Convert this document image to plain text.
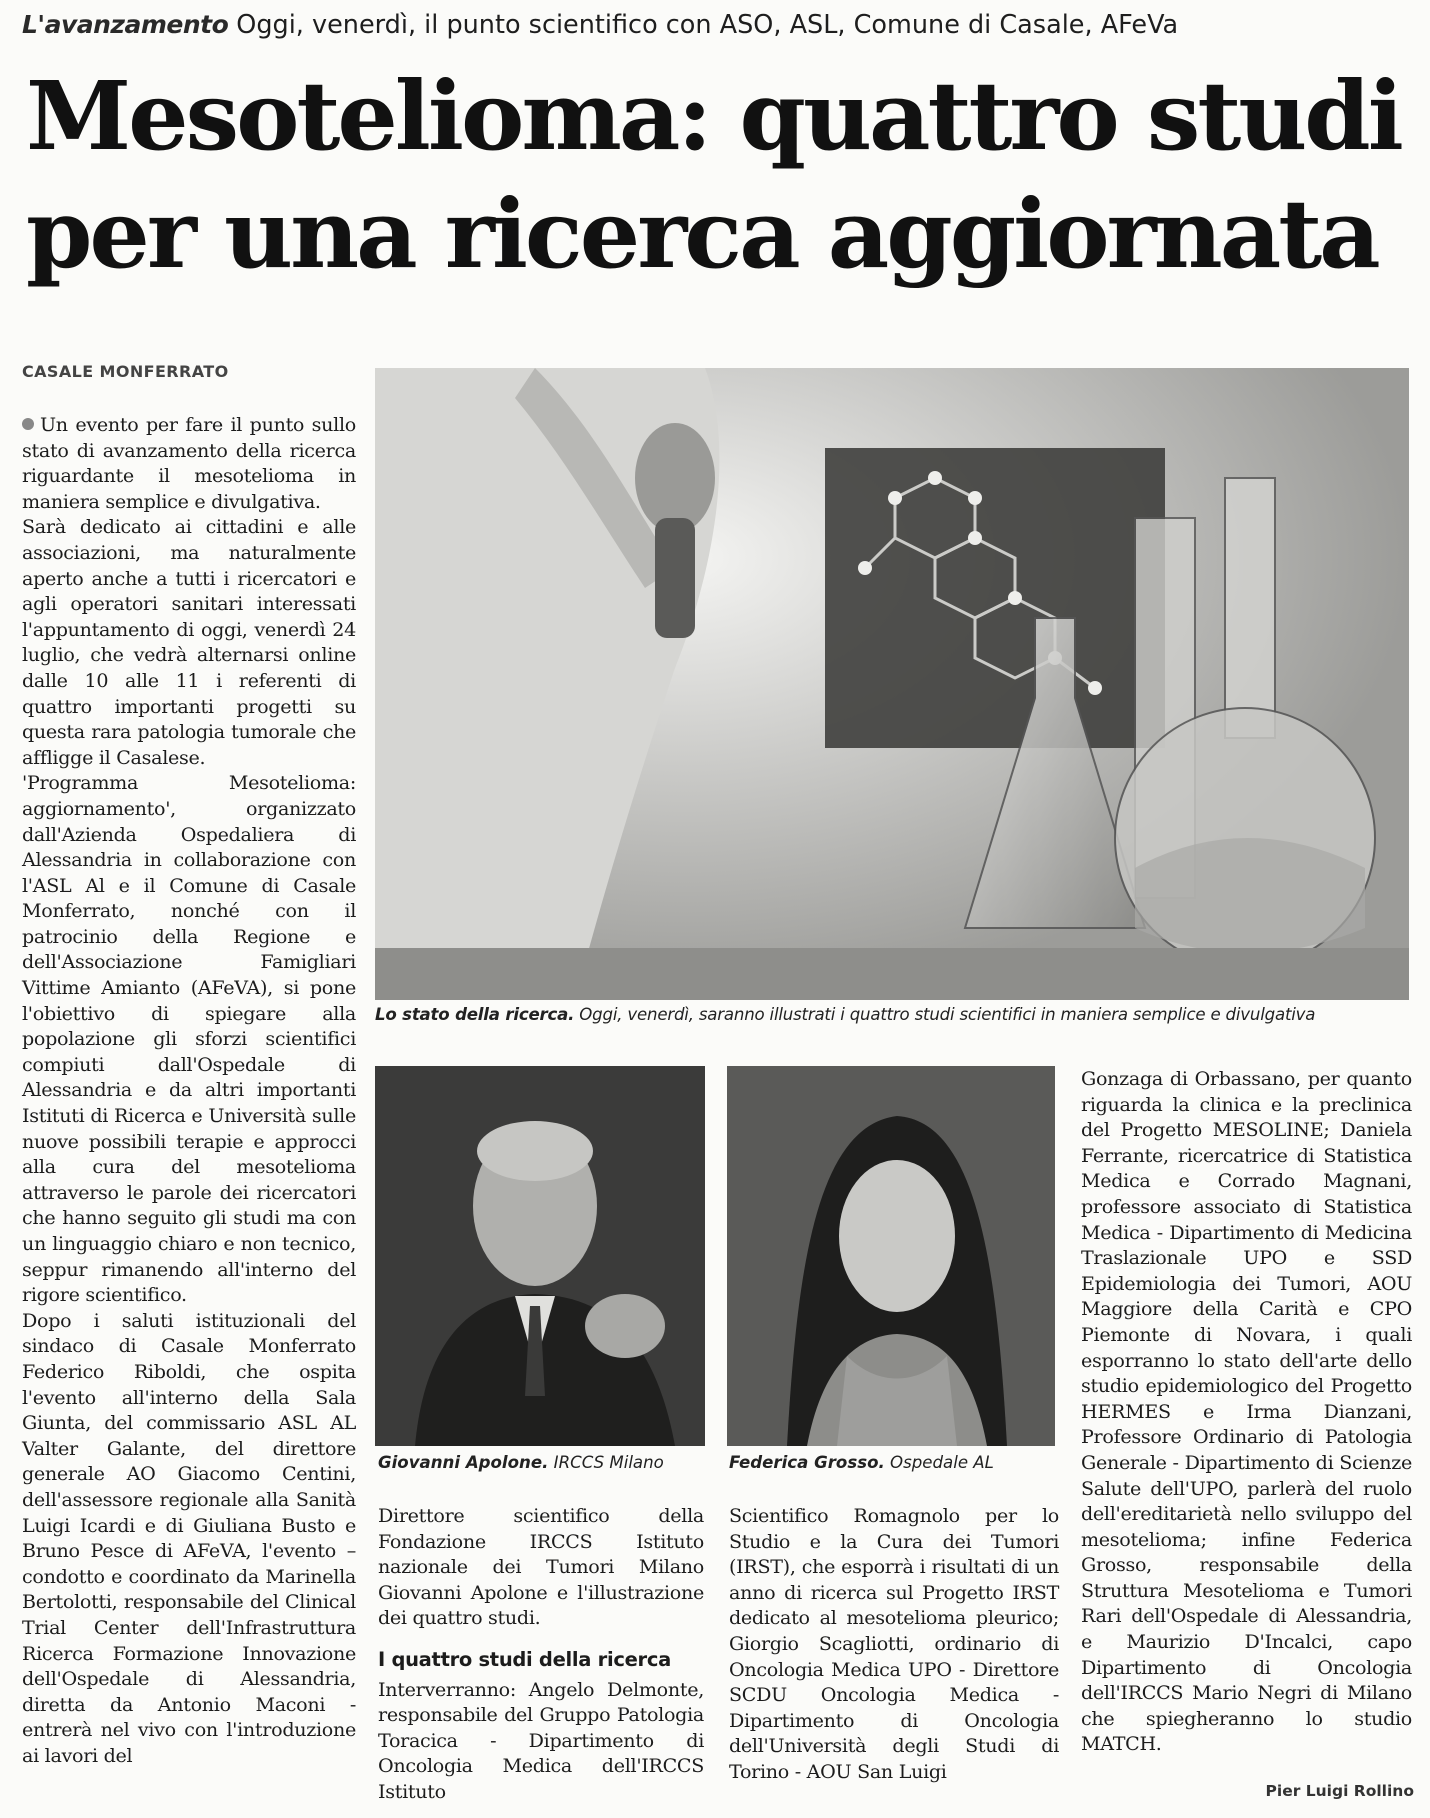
L'avanzamento Oggi, venerdì, il punto scientifico con ASO, ASL, Comune di Casale, AFeVa
Mesotelioma: quattro studi
per una ricerca aggiornata
CASALE MONFERRATO

Un evento per fare il punto sullo stato di avanzamento della ricerca riguardante il mesotelioma in maniera semplice e divulgativa.

Sarà dedicato ai cittadini e alle associazioni, ma naturalmente aperto anche a tutti i ricercatori e agli operatori sanitari interessati l'appuntamento di oggi, venerdì 24 luglio, che vedrà alternarsi online dalle 10 alle 11 i referenti di quattro importanti progetti su questa rara patologia tumorale che affligge il Casalese.

'Programma Mesotelioma: aggiornamento', organizzato dall'Azienda Ospedaliera di Alessandria in collaborazione con l'ASL Al e il Comune di Casale Monferrato, nonché con il patrocinio della Regione e dell'Associazione Famigliari Vittime Amianto (AFeVA), si pone l'obiettivo di spiegare alla popolazione gli sforzi scientifici compiuti dall'Ospedale di Alessandria e da altri importanti Istituti di Ricerca e Università sulle nuove possibili terapie e approcci alla cura del mesotelioma attraverso le parole dei ricercatori che hanno seguito gli studi ma con un linguaggio chiaro e non tecnico, seppur rimanendo all'interno del rigore scientifico.

Dopo i saluti istituzionali del sindaco di Casale Monferrato Federico Riboldi, che ospita l'evento all'interno della Sala Giunta, del commissario ASL AL Valter Galante, del direttore generale AO Giacomo Centini, dell'assessore regionale alla Sanità Luigi Icardi e di Giuliana Busto e Bruno Pesce di AFeVA, l'evento – condotto e coordinato da Marinella Bertolotti, responsabile del Clinical Trial Center dell'Infrastruttura Ricerca Formazione Innovazione dell'Ospedale di Alessandria, diretta da Antonio Maconi - entrerà nel vivo con l'introduzione ai lavori del

Lo stato della ricerca. Oggi, venerdì, saranno illustrati i quattro studi scientifici in maniera semplice e divulgativa
Giovanni Apolone. IRCCS Milano	Federica Grosso. Ospedale AL

Direttore scientifico della Fondazione IRCCS Istituto nazionale dei Tumori Milano Giovanni Apolone e l'illustrazione dei quattro studi.

I quattro studi della ricerca

Interverranno: Angelo Delmonte, responsabile del Gruppo Patologia Toracica - Dipartimento di Oncologia Medica dell'IRCCS Istituto

Scientifico Romagnolo per lo Studio e la Cura dei Tumori (IRST), che esporrà i risultati di un anno di ricerca sul Progetto IRST dedicato al mesotelioma pleurico; Giorgio Scagliotti, ordinario di Oncologia Medica UPO - Direttore SCDU Oncologia Medica - Dipartimento di Oncologia dell'Università degli Studi di Torino - AOU San Luigi

Gonzaga di Orbassano, per quanto riguarda la clinica e la preclinica del Progetto MESOLINE; Daniela Ferrante, ricercatrice di Statistica Medica e Corrado Magnani, professore associato di Statistica Medica - Dipartimento di Medicina Traslazionale UPO e SSD Epidemiologia dei Tumori, AOU Maggiore della Carità e CPO Piemonte di Novara, i quali esporranno lo stato dell'arte dello studio epidemiologico del Progetto HERMES e Irma Dianzani, Professore Ordinario di Patologia Generale - Dipartimento di Scienze Salute dell'UPO, parlerà del ruolo dell'ereditarietà nello sviluppo del mesotelioma; infine Federica Grosso, responsabile della Struttura Mesotelioma e Tumori Rari dell'Ospedale di Alessandria, e Maurizio D'Incalci, capo Dipartimento di Oncologia dell'IRCCS Mario Negri di Milano che spiegheranno lo studio MATCH.

Pier Luigi Rollino
